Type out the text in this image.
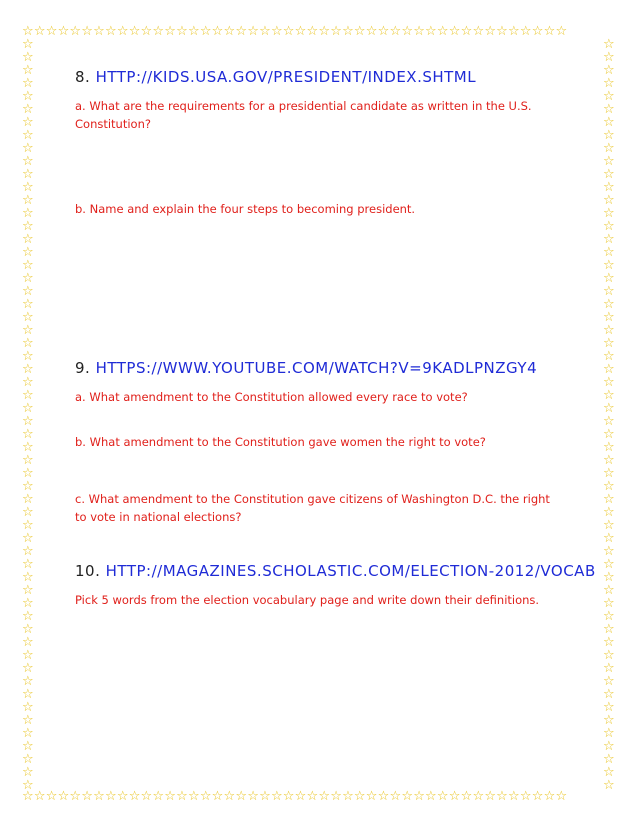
☆☆☆☆☆☆☆☆☆☆☆☆☆☆☆☆☆☆☆☆☆☆☆☆☆☆☆☆☆☆☆☆☆☆☆☆☆☆☆☆☆☆☆☆☆☆
☆☆☆☆☆☆☆☆☆☆☆☆☆☆☆☆☆☆☆☆☆☆☆☆☆☆☆☆☆☆☆☆☆☆☆☆☆☆☆☆☆☆☆☆☆☆
☆☆☆☆☆☆☆☆☆☆☆☆☆☆☆☆☆☆☆☆☆☆☆☆☆☆☆☆☆☆☆☆☆☆☆☆☆☆☆☆☆☆☆☆☆☆☆☆☆☆☆☆☆☆☆☆☆☆
☆☆☆☆☆☆☆☆☆☆☆☆☆☆☆☆☆☆☆☆☆☆☆☆☆☆☆☆☆☆☆☆☆☆☆☆☆☆☆☆☆☆☆☆☆☆☆☆☆☆☆☆☆☆☆☆☆☆

8. HTTP://KIDS.USA.GOV/PRESIDENT/INDEX.SHTML

a. What are the requirements for a presidential candidate as written in the U.S. Constitution?

b. Name and explain the four steps to becoming president.

9. HTTPS://WWW.YOUTUBE.COM/WATCH?V=9KADLPNZGY4

a. What amendment to the Constitution allowed every race to vote?

b. What amendment to the Constitution gave women the right to vote?

c. What amendment to the Constitution gave citizens of Washington D.C. the right to vote in national elections?

10. HTTP://MAGAZINES.SCHOLASTIC.COM/ELECTION-2012/VOCAB

Pick 5 words from the election vocabulary page and write down their definitions.
